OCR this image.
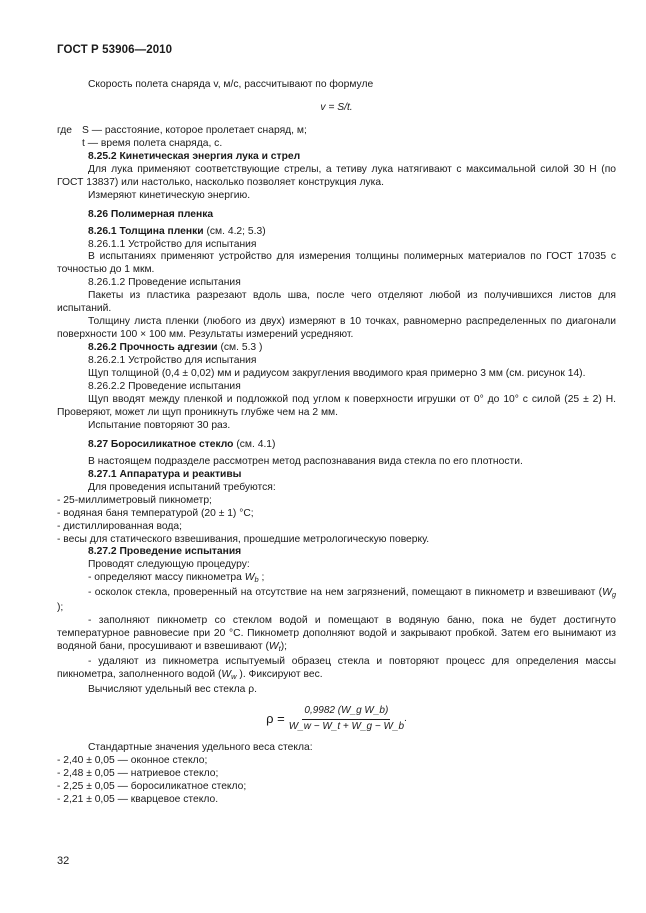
ГОСТ Р 53906—2010

Скорость полета снаряда v, м/с, рассчитывают по формуле

v = S/t.

где S — расстояние, которое пролетает снаряд, м;

t — время полета снаряда, с.

8.25.2 Кинетическая энергия лука и стрел

Для лука применяют соответствующие стрелы, а тетиву лука натягивают с максимальной силой 30 Н (по ГОСТ 13837) или настолько, насколько позволяет конструкция лука.

Измеряют кинетическую энергию.

8.26 Полимерная пленка

8.26.1 Толщина пленки (см. 4.2; 5.3)

8.26.1.1 Устройство для испытания

В испытаниях применяют устройство для измерения толщины полимерных материалов по ГОСТ 17035 с точностью до 1 мкм.

8.26.1.2 Проведение испытания

Пакеты из пластика разрезают вдоль шва, после чего отделяют любой из получившихся листов для испытаний.

Толщину листа пленки (любого из двух) измеряют в 10 точках, равномерно распределенных по диагонали поверхности 100 × 100 мм. Результаты измерений усредняют.

8.26.2 Прочность адгезии (см. 5.3 )

8.26.2.1 Устройство для испытания

Щуп толщиной (0,4 ± 0,02) мм и радиусом закругления вводимого края примерно 3 мм (см. рисунок 14).

8.26.2.2 Проведение испытания

Щуп вводят между пленкой и подложкой под углом к поверхности игрушки от 0° до 10° с силой (25 ± 2) Н. Проверяют, может ли щуп проникнуть глубже чем на 2 мм.

Испытание повторяют 30 раз.

8.27 Боросиликатное стекло (см. 4.1)

В настоящем подразделе рассмотрен метод распознавания вида стекла по его плотности.

8.27.1 Аппаратура и реактивы

Для проведения испытаний требуются:

- 25-миллиметровый пикнометр;

- водяная баня температурой (20 ± 1) °С;

- дистиллированная вода;

- весы для статического взвешивания, прошедшие метрологическую поверку.

8.27.2 Проведение испытания

Проводят следующую процедуру:

- определяют массу пикнометра $W_b$ ;

- осколок стекла, проверенный на отсутствие на нем загрязнений, помещают в пикнометр и взвешивают ($W_g$ );

- заполняют пикнометр со стеклом водой и помещают в водяную баню, пока не будет достигнуто температурное равновесие при 20 °С. Пикнометр дополняют водой и закрывают пробкой. Затем его вынимают из водяной бани, просушивают и взвешивают $(W_t)$;

- удаляют из пикнометра испытуемый образец стекла и повторяют процесс для определения массы пикнометра, заполненного водой ($W_w$ ). Фиксируют вес.

Вычисляют удельный вес стекла ρ.

$\rho = \frac{\text{0,9982 (W\_g W\_b)}}{W\_w - W\_t + W\_g - W\_b}$ .

Стандартные значения удельного веса стекла:

- 2,40 ± 0,05 — оконное стекло;

- 2,48 ± 0,05 — натриевое стекло;

- 2,25 ± 0,05 — боросиликатное стекло;

- 2,21 ± 0,05 — кварцевое стекло.

32
